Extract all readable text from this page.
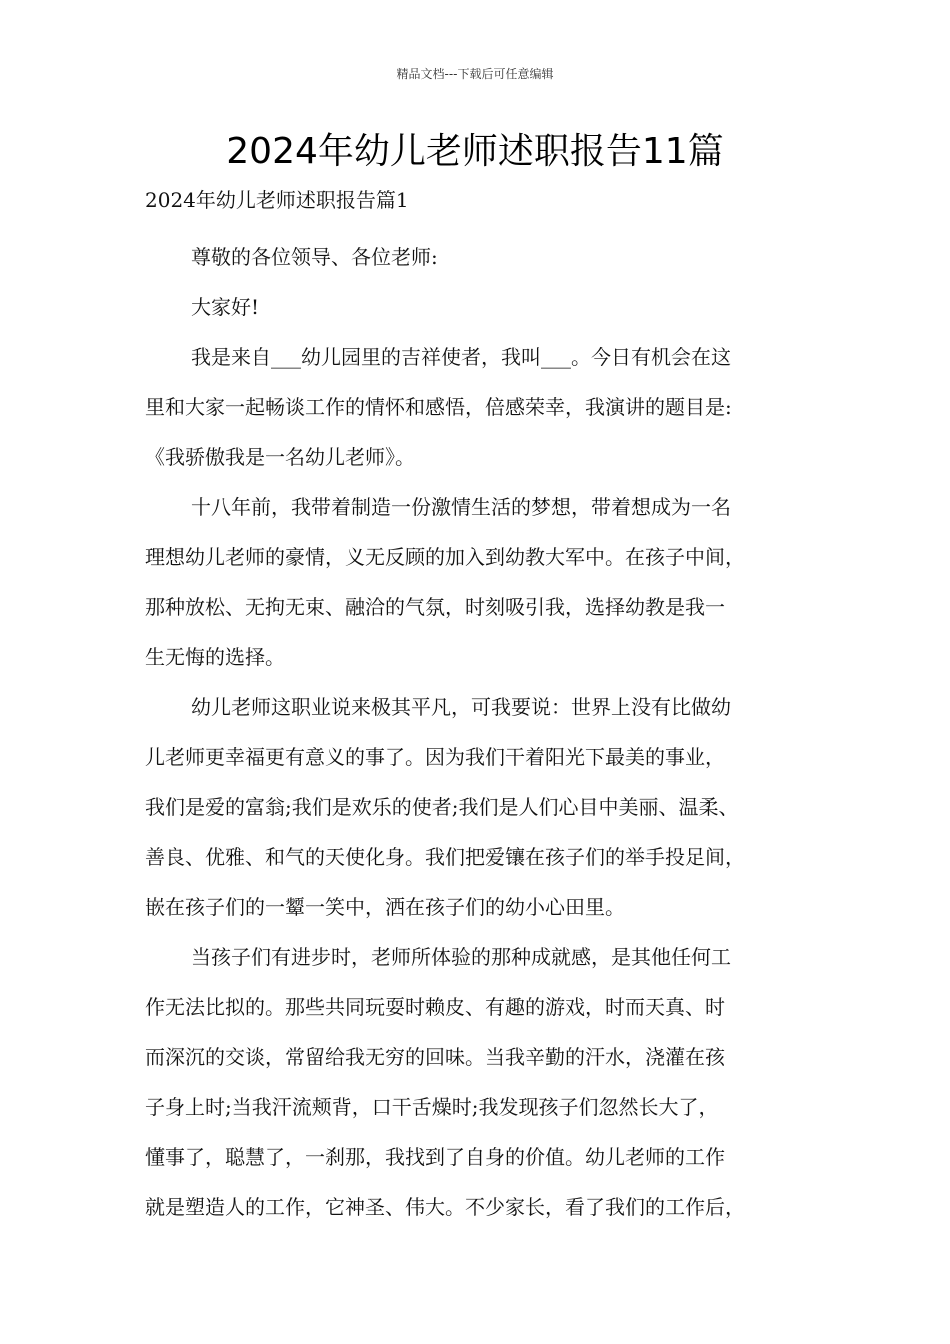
精品文档---下载后可任意编辑
2024年幼儿老师述职报告11篇
2024年幼儿老师述职报告篇1

尊敬的各位领导、各位老师:

大家好!

我是来自___幼儿园里的吉祥使者，我叫___。今日有机会在这
里和大家一起畅谈工作的情怀和感悟，倍感荣幸，我演讲的题目是:
《我骄傲我是一名幼儿老师》。

十八年前，我带着制造一份激情生活的梦想，带着想成为一名
理想幼儿老师的豪情，义无反顾的加入到幼教大军中。在孩子中间，
那种放松、无拘无束、融洽的气氛，时刻吸引我，选择幼教是我一
生无悔的选择。

幼儿老师这职业说来极其平凡，可我要说：世界上没有比做幼
儿老师更幸福更有意义的事了。因为我们干着阳光下最美的事业，
我们是爱的富翁;我们是欢乐的使者;我们是人们心目中美丽、温柔、
善良、优雅、和气的天使化身。我们把爱镶在孩子们的举手投足间，
嵌在孩子们的一颦一笑中，洒在孩子们的幼小心田里。

当孩子们有进步时，老师所体验的那种成就感，是其他任何工
作无法比拟的。那些共同玩耍时赖皮、有趣的游戏，时而天真、时
而深沉的交谈，常留给我无穷的回味。当我辛勤的汗水，浇灌在孩
子身上时;当我汗流颊背，口干舌燥时;我发现孩子们忽然长大了，
懂事了，聪慧了，一刹那，我找到了自身的价值。幼儿老师的工作
就是塑造人的工作，它神圣、伟大。不少家长，看了我们的工作后，
